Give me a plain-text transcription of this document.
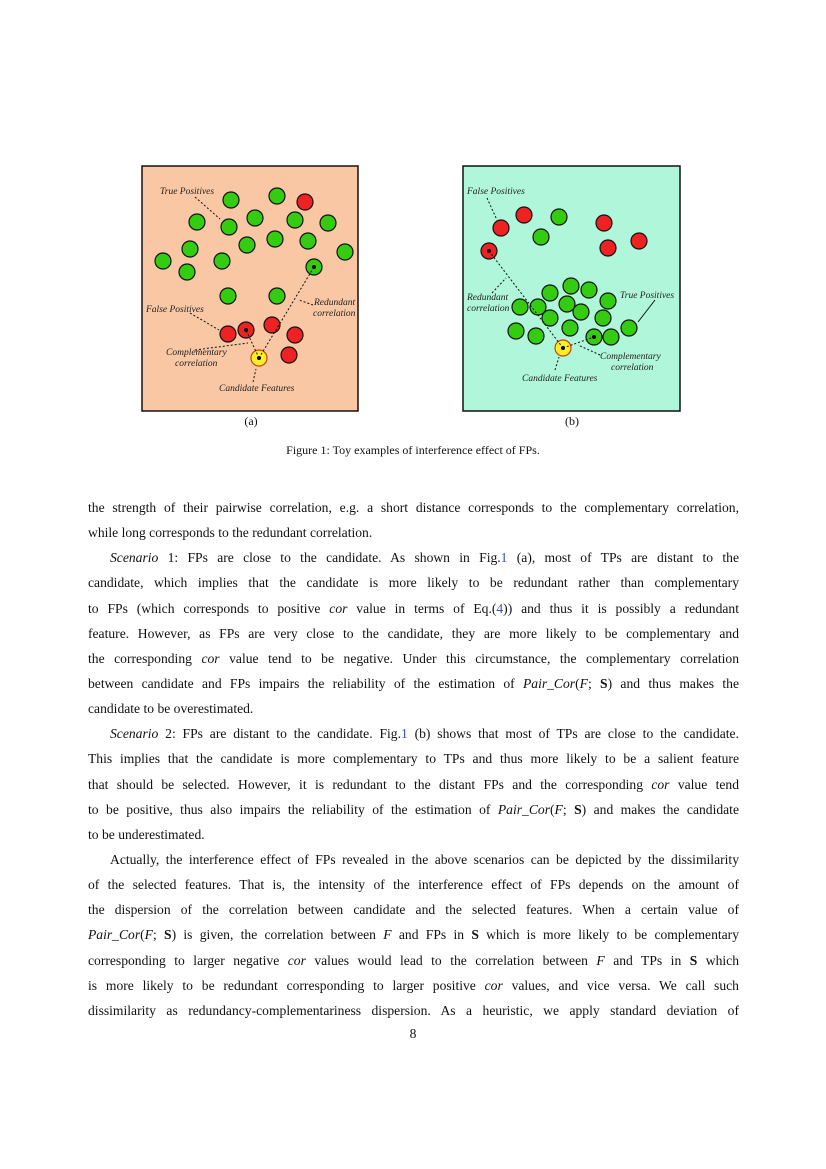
True Positives
False Positives
Redundant
correlation
Complementary
correlation
Candidate Features
False Positives
True Positives
Redundant
correlation
Complementary
correlation
Candidate Features
(a)	(b)
Figure 1: Toy examples of interference effect of FPs.
the strength of their pairwise correlation, e.g. a short distance corresponds to the complementary correlation,
while long corresponds to the redundant correlation.
Scenario 1: FPs are close to the candidate. As shown in Fig.1 (a), most of TPs are distant to the
candidate, which implies that the candidate is more likely to be redundant rather than complementary
to FPs (which corresponds to positive cor value in terms of Eq.(4)) and thus it is possibly a redundant
feature. However, as FPs are very close to the candidate, they are more likely to be complementary and
the corresponding cor value tend to be negative. Under this circumstance, the complementary correlation
between candidate and FPs impairs the reliability of the estimation of Pair_Cor(F; S) and thus makes the
candidate to be overestimated.
Scenario 2: FPs are distant to the candidate. Fig.1 (b) shows that most of TPs are close to the candidate.
This implies that the candidate is more complementary to TPs and thus more likely to be a salient feature
that should be selected. However, it is redundant to the distant FPs and the corresponding cor value tend
to be positive, thus also impairs the reliability of the estimation of Pair_Cor(F; S) and makes the candidate
to be underestimated.
Actually, the interference effect of FPs revealed in the above scenarios can be depicted by the dissimilarity
of the selected features. That is, the intensity of the interference effect of FPs depends on the amount of
the dispersion of the correlation between candidate and the selected features. When a certain value of
Pair_Cor(F; S) is given, the correlation between F and FPs in S which is more likely to be complementary
corresponding to larger negative cor values would lead to the correlation between F and TPs in S which
is more likely to be redundant corresponding to larger positive cor values, and vice versa. We call such
dissimilarity as redundancy-complementariness dispersion. As a heuristic, we apply standard deviation of
8
